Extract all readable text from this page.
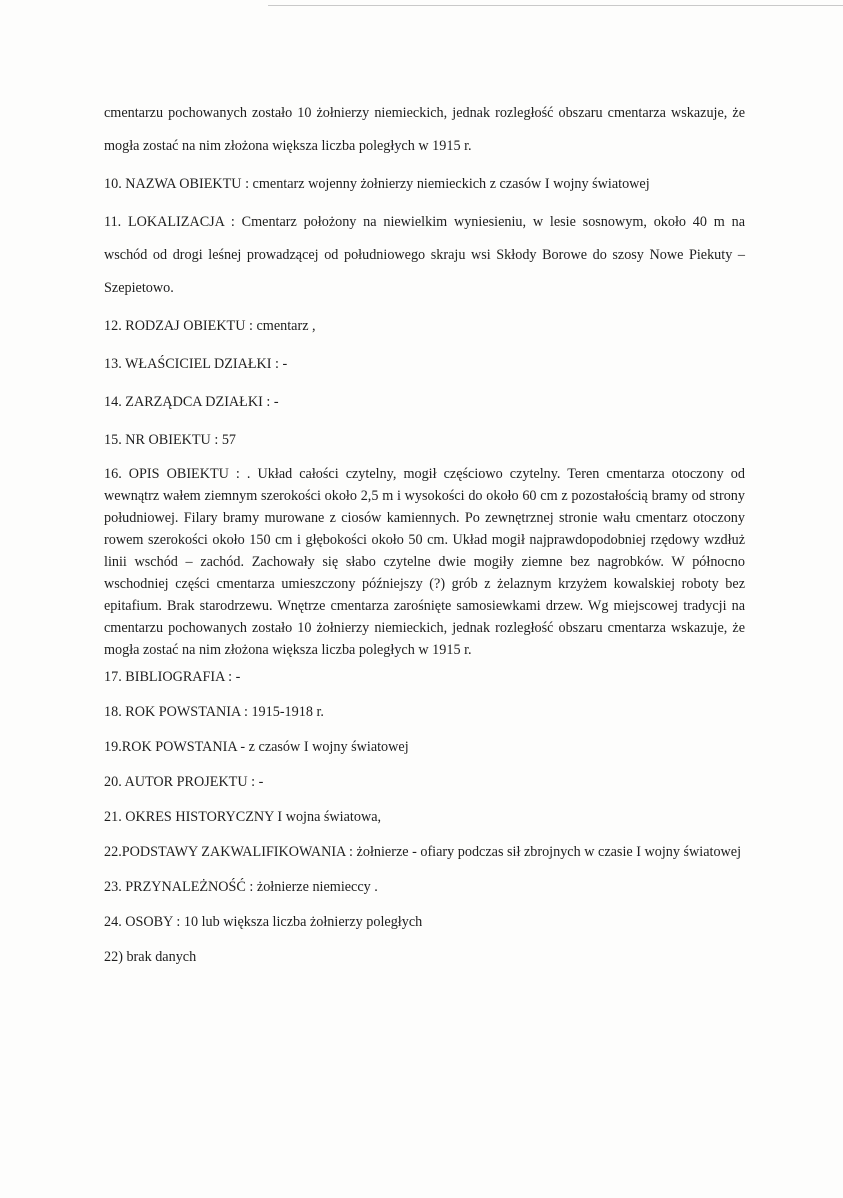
cmentarzu pochowanych zostało 10 żołnierzy niemieckich, jednak rozległość obszaru cmentarza wskazuje, że mogła zostać na nim złożona większa liczba poległych w 1915 r.

10. NAZWA OBIEKTU : cmentarz wojenny żołnierzy niemieckich z czasów I wojny światowej

11. LOKALIZACJA : Cmentarz położony na niewielkim wyniesieniu, w lesie sosnowym, około 40 m na wschód od drogi leśnej prowadzącej od południowego skraju wsi Skłody Borowe do szosy Nowe Piekuty – Szepietowo.

12. RODZAJ OBIEKTU : cmentarz ,

13. WŁAŚCICIEL DZIAŁKI : -

14. ZARZĄDCA DZIAŁKI : -

15. NR OBIEKTU : 57

16. OPIS OBIEKTU : . Układ całości czytelny, mogił częściowo czytelny. Teren cmentarza otoczony od wewnątrz wałem ziemnym szerokości około 2,5 m i wysokości do około 60 cm z pozostałością bramy od strony południowej. Filary bramy murowane z ciosów kamiennych. Po zewnętrznej stronie wału cmentarz otoczony rowem szerokości około 150 cm i głębokości około 50 cm. Układ mogił najprawdopodobniej rzędowy wzdłuż linii wschód – zachód. Zachowały się słabo czytelne dwie mogiły ziemne bez nagrobków. W północno wschodniej części cmentarza umieszczony późniejszy (?) grób z żelaznym krzyżem kowalskiej roboty bez epitafium. Brak starodrzewu. Wnętrze cmentarza zarośnięte samosiewkami drzew. Wg miejscowej tradycji na cmentarzu pochowanych zostało 10 żołnierzy niemieckich, jednak rozległość obszaru cmentarza wskazuje, że mogła zostać na nim złożona większa liczba poległych w 1915 r.

17. BIBLIOGRAFIA : -

18. ROK POWSTANIA : 1915-1918 r.

19.ROK POWSTANIA - z czasów I wojny światowej

20. AUTOR PROJEKTU : -

21. OKRES HISTORYCZNY I wojna światowa,

22.PODSTAWY ZAKWALIFIKOWANIA : żołnierze - ofiary podczas sił zbrojnych w czasie I wojny światowej

23. PRZYNALEŻNOŚĆ : żołnierze niemieccy .

24. OSOBY : 10 lub większa liczba żołnierzy poległych

22) brak danych
